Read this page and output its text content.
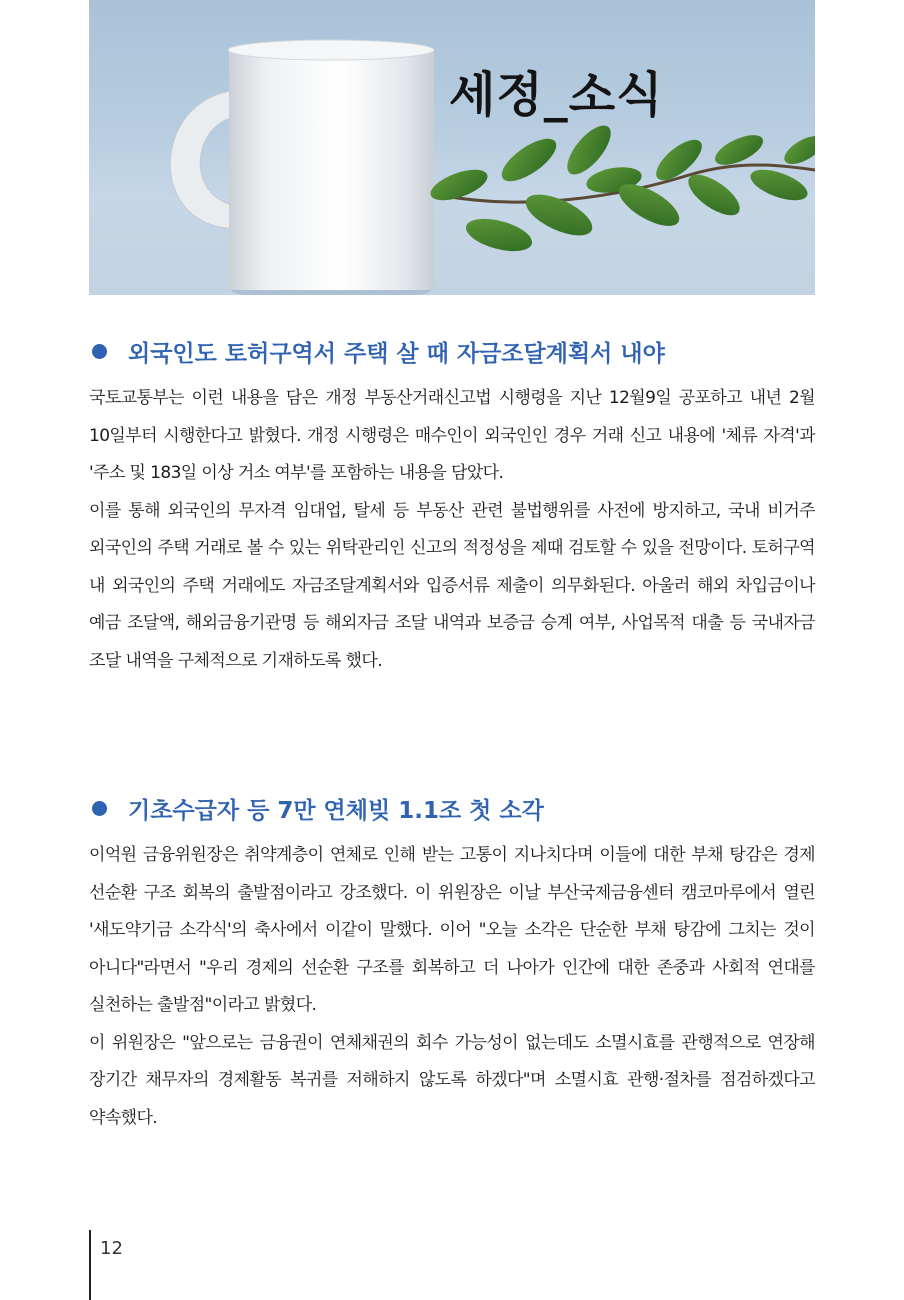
세정_소식
외국인도 토허구역서 주택 살 때 자금조달계획서 내야

국토교통부는 이런 내용을 담은 개정 부동산거래신고법 시행령을 지난 12월9일 공포하고 내년 2월 10일부터 시행한다고 밝혔다. 개정 시행령은 매수인이 외국인인 경우 거래 신고 내용에 '체류 자격'과 '주소 및 183일 이상 거소 여부'를 포함하는 내용을 담았다.

이를 통해 외국인의 무자격 임대업, 탈세 등 부동산 관련 불법행위를 사전에 방지하고, 국내 비거주 외국인의 주택 거래로 볼 수 있는 위탁관리인 신고의 적정성을 제때 검토할 수 있을 전망이다. 토허구역 내 외국인의 주택 거래에도 자금조달계획서와 입증서류 제출이 의무화된다. 아울러 해외 차입금이나 예금 조달액, 해외금융기관명 등 해외자금 조달 내역과 보증금 승계 여부, 사업목적 대출 등 국내자금 조달 내역을 구체적으로 기재하도록 했다.

기초수급자 등 7만 연체빚 1.1조 첫 소각

이억원 금융위원장은 취약계층이 연체로 인해 받는 고통이 지나치다며 이들에 대한 부채 탕감은 경제 선순환 구조 회복의 출발점이라고 강조했다. 이 위원장은 이날 부산국제금융센터 캠코마루에서 열린 '새도약기금 소각식'의 축사에서 이같이 말했다. 이어 "오늘 소각은 단순한 부채 탕감에 그치는 것이 아니다"라면서 "우리 경제의 선순환 구조를 회복하고 더 나아가 인간에 대한 존중과 사회적 연대를 실천하는 출발점"이라고 밝혔다.

이 위원장은 "앞으로는 금융권이 연체채권의 회수 가능성이 없는데도 소멸시효를 관행적으로 연장해 장기간 채무자의 경제활동 복귀를 저해하지 않도록 하겠다"며 소멸시효 관행·절차를 점검하겠다고 약속했다.

12
